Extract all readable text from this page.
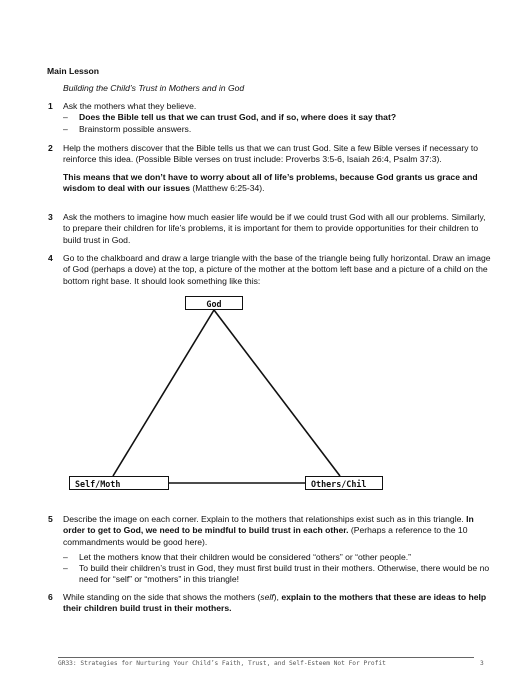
Main Lesson
Building the Child’s Trust in Mothers and in God
1 Ask the mothers what they believe.
– Does the Bible tell us that we can trust God, and if so, where does it say that?
– Brainstorm possible answers.
2 Help the mothers discover that the Bible tells us that we can trust God. Site a few Bible verses if necessary to reinforce this idea. (Possible Bible verses on trust include: Proverbs 3:5-6, Isaiah 26:4, Psalm 37:3).
This means that we don’t have to worry about all of life’s problems, because God grants us grace and wisdom to deal with our issues (Matthew 6:25-34).
3 Ask the mothers to imagine how much easier life would be if we could trust God with all our problems. Similarly, to prepare their children for life’s problems, it is important for them to provide opportunities for their children to build trust in God.
4 Go to the chalkboard and draw a large triangle with the base of the triangle being fully horizontal. Draw an image of God (perhaps a dove) at the top, a picture of the mother at the bottom left base and a picture of a child on the bottom right base. It should look something like this:
God
Self/Moth	Others/Chil
5 Describe the image on each corner. Explain to the mothers that relationships exist such as in this triangle. In order to get to God, we need to be mindful to build trust in each other. (Perhaps a reference to the 10 commandments would be good here).
– Let the mothers know that their children would be considered “others” or “other people.”
– To build their children’s trust in God, they must first build trust in their mothers. Otherwise, there would be no need for “self” or “mothers” in this triangle!
6 While standing on the side that shows the mothers (self), explain to the mothers that these are ideas to help their children build trust in their mothers.
GR33: Strategies for Nurturing Your Child’s Faith, Trust, and Self-Esteem Not For Profit	3
